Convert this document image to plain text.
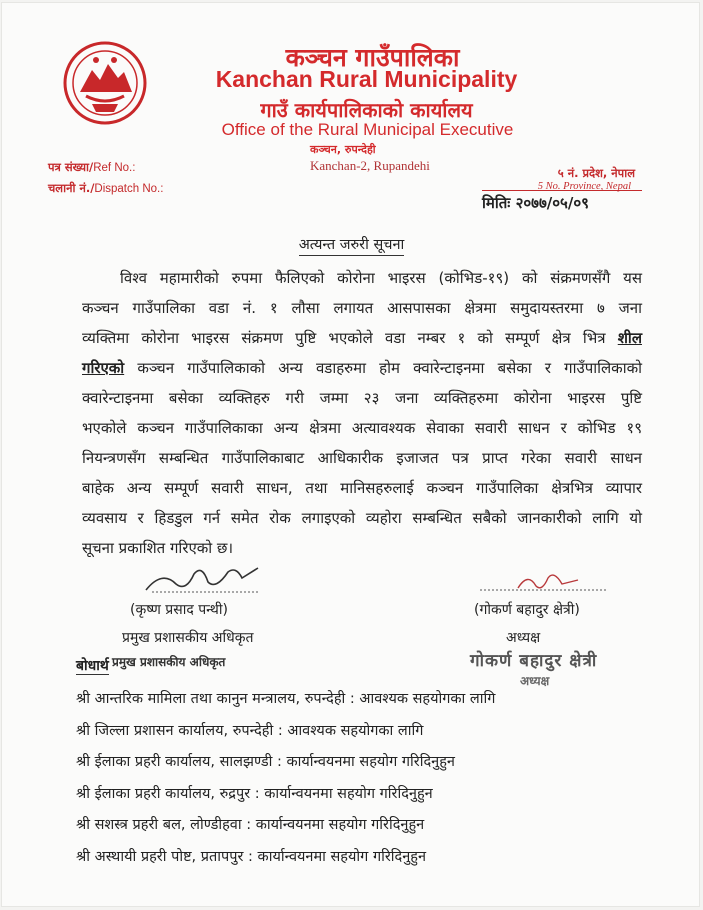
कञ्चन गाउँपालिका
Kanchan Rural Municipality
गाउँ कार्यपालिकाको कार्यालय
Office of the Rural Municipal Executive
कञ्चन, रुपन्देही
Kanchan-2, Rupandehi
पत्र संख्या/Ref No.:
चलानी नं./Dispatch No.:
५ नं. प्रदेश, नेपाल
5 No. Province, Nepal
मितिः २०७७/०५/०९
अत्यन्त जरुरी सूचना
विश्व महामारीको रुपमा फैलिएको कोरोना भाइरस (कोभिड-१९) को संक्रमणसँगै यस
कञ्चन गाउँपालिका वडा नं. १ लौसा लगायत आसपासका क्षेत्रमा समुदायस्तरमा ७ जना
व्यक्तिमा कोरोना भाइरस संक्रमण पुष्टि भएकोले वडा नम्बर १ को सम्पूर्ण क्षेत्र भित्र शील
गरिएको कञ्चन गाउँपालिकाको अन्य वडाहरुमा होम क्वारेन्टाइनमा बसेका र गाउँपालिकाको
क्वारेन्टाइनमा बसेका व्यक्तिहरु गरी जम्मा २३ जना व्यक्तिहरुमा कोरोना भाइरस पुष्टि
भएकोले कञ्चन गाउँपालिकाका अन्य क्षेत्रमा अत्यावश्यक सेवाका सवारी साधन र कोभिड १९
नियन्त्रणसँग सम्बन्धित गाउँपालिकाबाट आधिकारीक इजाजत पत्र प्राप्त गरेका सवारी साधन
बाहेक अन्य सम्पूर्ण सवारी साधन, तथा मानिसहरुलाई कञ्चन गाउँपालिका क्षेत्रभित्र व्यापार
व्यवसाय र हिडडुल गर्न समेत रोक लगाइएको व्यहोरा सम्बन्धित सबैको जानकारीको लागि यो
सूचना प्रकाशित गरिएको छ।
(कृष्ण प्रसाद पन्थी)
प्रमुख प्रशासकीय अधिकृत
(गोकर्ण बहादुर क्षेत्री)
अध्यक्ष
गोकर्ण बहादुर क्षेत्री
अध्यक्ष
बोधार्थ प्रमुख प्रशासकीय अधिकृत
श्री आन्तरिक मामिला तथा कानुन मन्त्रालय, रुपन्देही : आवश्यक सहयोगका लागि
श्री जिल्ला प्रशासन कार्यालय, रुपन्देही : आवश्यक सहयोगका लागि
श्री ईलाका प्रहरी कार्यालय, सालझण्डी : कार्यान्वयनमा सहयोग गरिदिनुहुन
श्री ईलाका प्रहरी कार्यालय, रुद्रपुर : कार्यान्वयनमा सहयोग गरिदिनुहुन
श्री सशस्त्र प्रहरी बल, लोण्डीहवा : कार्यान्वयनमा सहयोग गरिदिनुहुन
श्री अस्थायी प्रहरी पोष्ट, प्रतापपुर : कार्यान्वयनमा सहयोग गरिदिनुहुन
